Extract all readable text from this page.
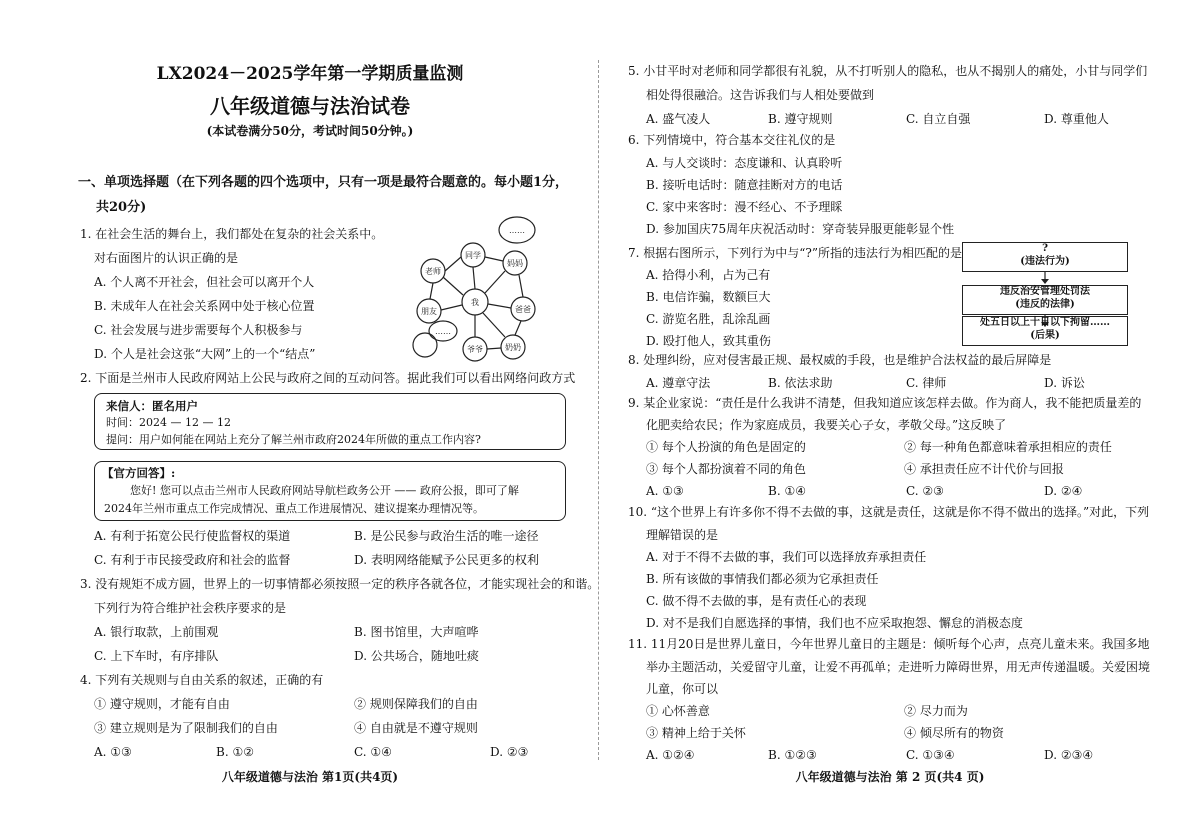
LX2024－2025学年第一学期质量监测
八年级道德与法治试卷
(本试卷满分50分，考试时间50分钟。)
一、单项选择题（在下列各题的四个选项中，只有一项是最符合题意的。每小题1分，
共20分)
1. 在社会生活的舞台上，我们都处在复杂的社会关系中。
对右面图片的认识正确的是
A. 个人离不开社会，但社会可以离开个人
B. 未成年人在社会关系网中处于核心位置
C. 社会发展与进步需要每个人积极参与
D. 个人是社会这张“大网”上的一个“结点”
……
……
我
同学
妈妈
老师
朋友	爸爸
奶奶
爷爷
2. 下面是兰州市人民政府网站上公民与政府之间的互动问答。据此我们可以看出网络问政方式
来信人：匿名用户
时间：2024 — 12 — 12
提问：用户如何能在网站上充分了解兰州市政府2024年所做的重点工作内容?
【官方回答】:
您好! 您可以点击兰州市人民政府网站导航栏政务公开 —— 政府公报，即可了解
2024年兰州市重点工作完成情况、重点工作进展情况、建议提案办理情况等。
A. 有利于拓宽公民行使监督权的渠道	B. 是公民参与政治生活的唯一途径
C. 有利于市民接受政府和社会的监督	D. 表明网络能赋予公民更多的权利
3. 没有规矩不成方圆，世界上的一切事情都必须按照一定的秩序各就各位，才能实现社会的和谐。
下列行为符合维护社会秩序要求的是
A. 银行取款，上前围观	B. 图书馆里，大声喧哗
C. 上下车时，有序排队	D. 公共场合，随地吐痰
4. 下列有关规则与自由关系的叙述，正确的有
① 遵守规则，才能有自由	② 规则保障我们的自由
③ 建立规则是为了限制我们的自由	④ 自由就是不遵守规则
A. ①③	B. ①②	C. ①④	D. ②③
八年级道德与法治 第1页(共4页)
5. 小甘平时对老师和同学都很有礼貌，从不打听别人的隐私，也从不揭别人的痛处，小甘与同学们
相处得很融洽。这告诉我们与人相处要做到
A. 盛气凌人	B. 遵守规则	C. 自立自强	D. 尊重他人
6. 下列情境中，符合基本交往礼仪的是
A. 与人交谈时：态度谦和、认真聆听
B. 接听电话时：随意挂断对方的电话
C. 家中来客时：漫不经心、不予理睬
D. 参加国庆75周年庆祝活动时：穿奇装异服更能彰显个性
7. 根据右图所示，下列行为中与“?”所指的违法行为相匹配的是
A. 拾得小利，占为己有
B. 电信诈骗，数额巨大
C. 游览名胜，乱涂乱画
D. 殴打他人，致其重伤
?
(违法行为)
违反治安管理处罚法
(违反的法律)
处五日以上十日以下拘留……
(后果)
8. 处理纠纷，应对侵害最正规、最权威的手段，也是维护合法权益的最后屏障是
A. 遵章守法	B. 依法求助	C. 律师	D. 诉讼
9. 某企业家说：“责任是什么我讲不清楚，但我知道应该怎样去做。作为商人，我不能把质量差的
化肥卖给农民；作为家庭成员，我要关心子女，孝敬父母。”这反映了
① 每个人扮演的角色是固定的	② 每一种角色都意味着承担相应的责任
③ 每个人都扮演着不同的角色	④ 承担责任应不计代价与回报
A. ①③	B. ①④	C. ②③	D. ②④
10. “这个世界上有许多你不得不去做的事，这就是责任，这就是你不得不做出的选择。”对此，下列
理解错误的是
A. 对于不得不去做的事，我们可以选择放弃承担责任
B. 所有该做的事情我们都必须为它承担责任
C. 做不得不去做的事，是有责任心的表现
D. 对不是我们自愿选择的事情，我们也不应采取抱怨、懈怠的消极态度
11. 11月20日是世界儿童日，今年世界儿童日的主题是：倾听每个心声，点亮儿童未来。我国多地
举办主题活动，关爱留守儿童，让爱不再孤单；走进听力障碍世界，用无声传递温暖。关爱困境
儿童，你可以
① 心怀善意	② 尽力而为
③ 精神上给于关怀	④ 倾尽所有的物资
A. ①②④	B. ①②③	C. ①③④	D. ②③④
八年级道德与法治 第 2 页(共4 页)
